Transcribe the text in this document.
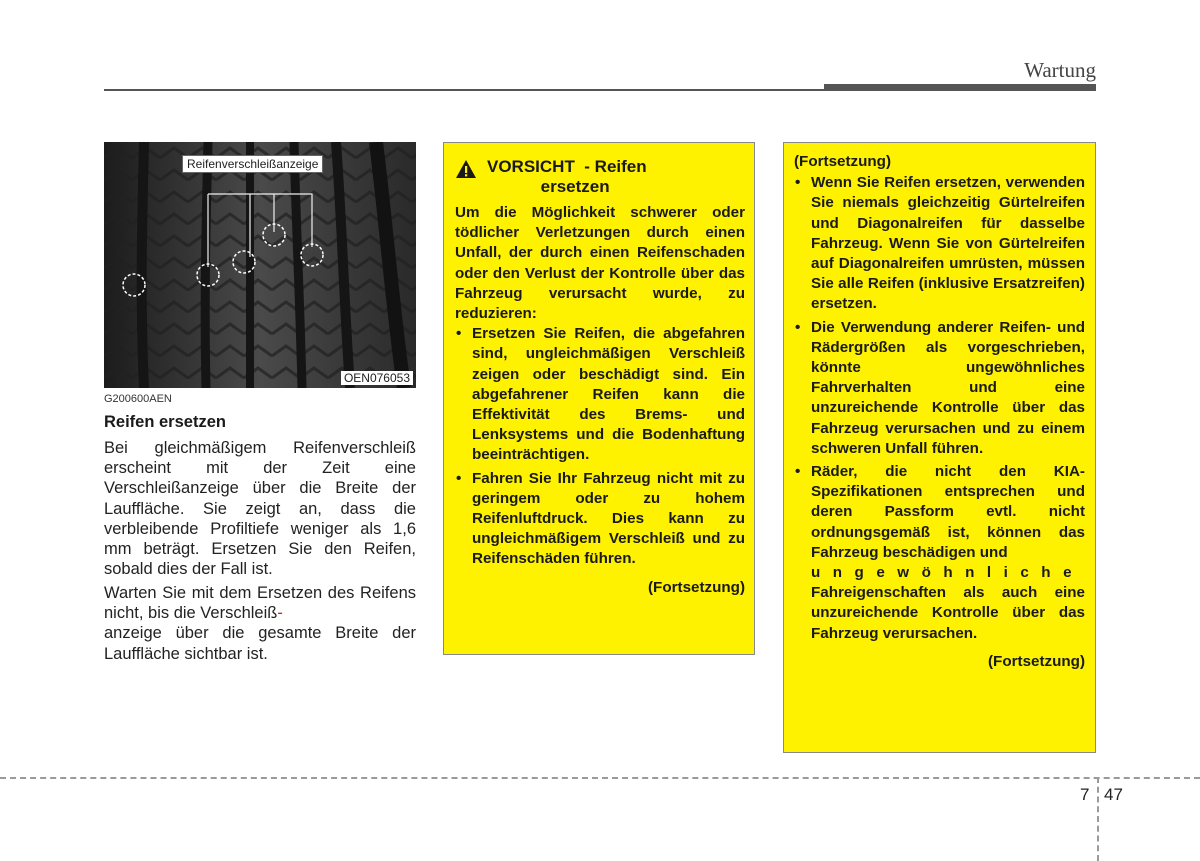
Wartung
Reifenverschleißanzeige
OEN076053
G200600AEN
Reifen ersetzen

Bei gleichmäßigem Reifenverschleiß erscheint mit der Zeit eine Verschleißanzeige über die Breite der Lauffläche. Sie zeigt an, dass die verbleibende Profiltiefe weniger als 1,6 mm beträgt. Ersetzen Sie den Reifen, sobald dies der Fall ist.

Warten Sie mit dem Ersetzen des Reifens nicht, bis die Verschleiß-
anzeige über die gesamte Breite der Lauffläche sichtbar ist.

VORSICHT  - Reifen
ersetzen

Um die Möglichkeit schwerer oder tödlicher Verletzungen durch einen Unfall, der durch einen Reifenschaden oder den Verlust der Kontrolle über das Fahrzeug verursacht wurde, zu reduzieren:

• Ersetzen Sie Reifen, die abgefahren sind, ungleichmäßigen Verschleiß zeigen oder beschädigt sind. Ein abgefahrener Reifen kann die Effektivität des Brems- und Lenksystems und die Bodenhaftung beeinträchtigen.
• Fahren Sie Ihr Fahrzeug nicht mit zu geringem oder zu hohem Reifenluftdruck. Dies kann zu ungleichmäßigem Verschleiß und zu Reifenschäden führen.
(Fortsetzung)
(Fortsetzung)
• Wenn Sie Reifen ersetzen, verwenden Sie niemals gleichzeitig Gürtelreifen und Diagonalreifen für dasselbe Fahrzeug. Wenn Sie von Gürtelreifen auf Diagonalreifen umrüsten, müssen Sie alle Reifen (inklusive Ersatzreifen) ersetzen.
• Die Verwendung anderer Reifen- und Rädergrößen als vorgeschrieben, könnte ungewöhnliches Fahrverhalten und eine unzureichende Kontrolle über das Fahrzeug verursachen und zu einem schweren Unfall führen.
• Räder, die nicht den KIA-Spezifikationen entsprechen und deren Passform evtl. nicht ordnungsgemäß ist, können das Fahrzeug beschädigen und
ungewöhnliche
Fahreigenschaften als auch eine unzureichende Kontrolle über das Fahrzeug verursachen.
(Fortsetzung)
7 47
